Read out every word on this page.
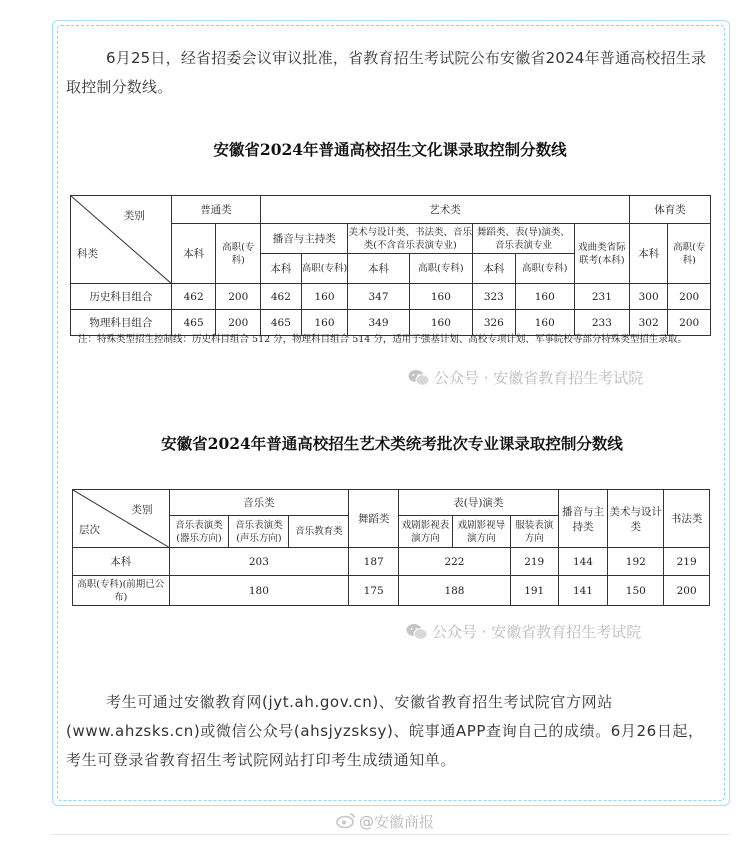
6月25日，经省招委会议审议批准，省教育招生考试院公布安徽省2024年普通高校招生录取控制分数线。
安徽省2024年普通高校招生文化课录取控制分数线
类别
科类	普通类		艺术类							体育类	
	本科	高职(专科)	播音与主持类		美术与设计类、书法类、音乐类(不含音乐表演专业)		舞蹈类、表(导)演类、音乐表演专业		戏曲类省际联考(本科)	本科	高职(专科)
			本科	高职(专科)	本科	高职(专科)	本科	高职(专科)			
历史科目组合	462	200	462	160	347	160	323	160	231	300	200
物理科目组合	465	200	465	160	349	160	326	160	233	302	200
注：特殊类型招生控制线：历史科目组合 512 分，物理科目组合 514 分，适用于强基计划、高校专项计划、军事院校等部分特殊类型招生录取。
公众号 · 安徽省教育招生考试院
安徽省2024年普通高校招生艺术类统考批次专业课录取控制分数线
类别
层次	音乐类			舞蹈类	表(导)演类			播音与主持类	美术与设计类	书法类
	音乐表演类(器乐方向)	音乐表演类(声乐方向)	音乐教育类		戏剧影视表演方向	戏剧影视导演方向	服装表演方向			
本科	203			187	222		219	144	192	219
高职(专科)(前期已公布)	180			175	188		191	141	150	200
公众号 · 安徽省教育招生考试院
考生可通过安徽教育网(jyt.ah.gov.cn)、安徽省教育招生考试院官方网站(www.ahzsks.cn)或微信公众号(ahsjyzsksy)、皖事通APP查询自己的成绩。6月26日起，考生可登录省教育招生考试院网站打印考生成绩通知单。
@安徽商报
